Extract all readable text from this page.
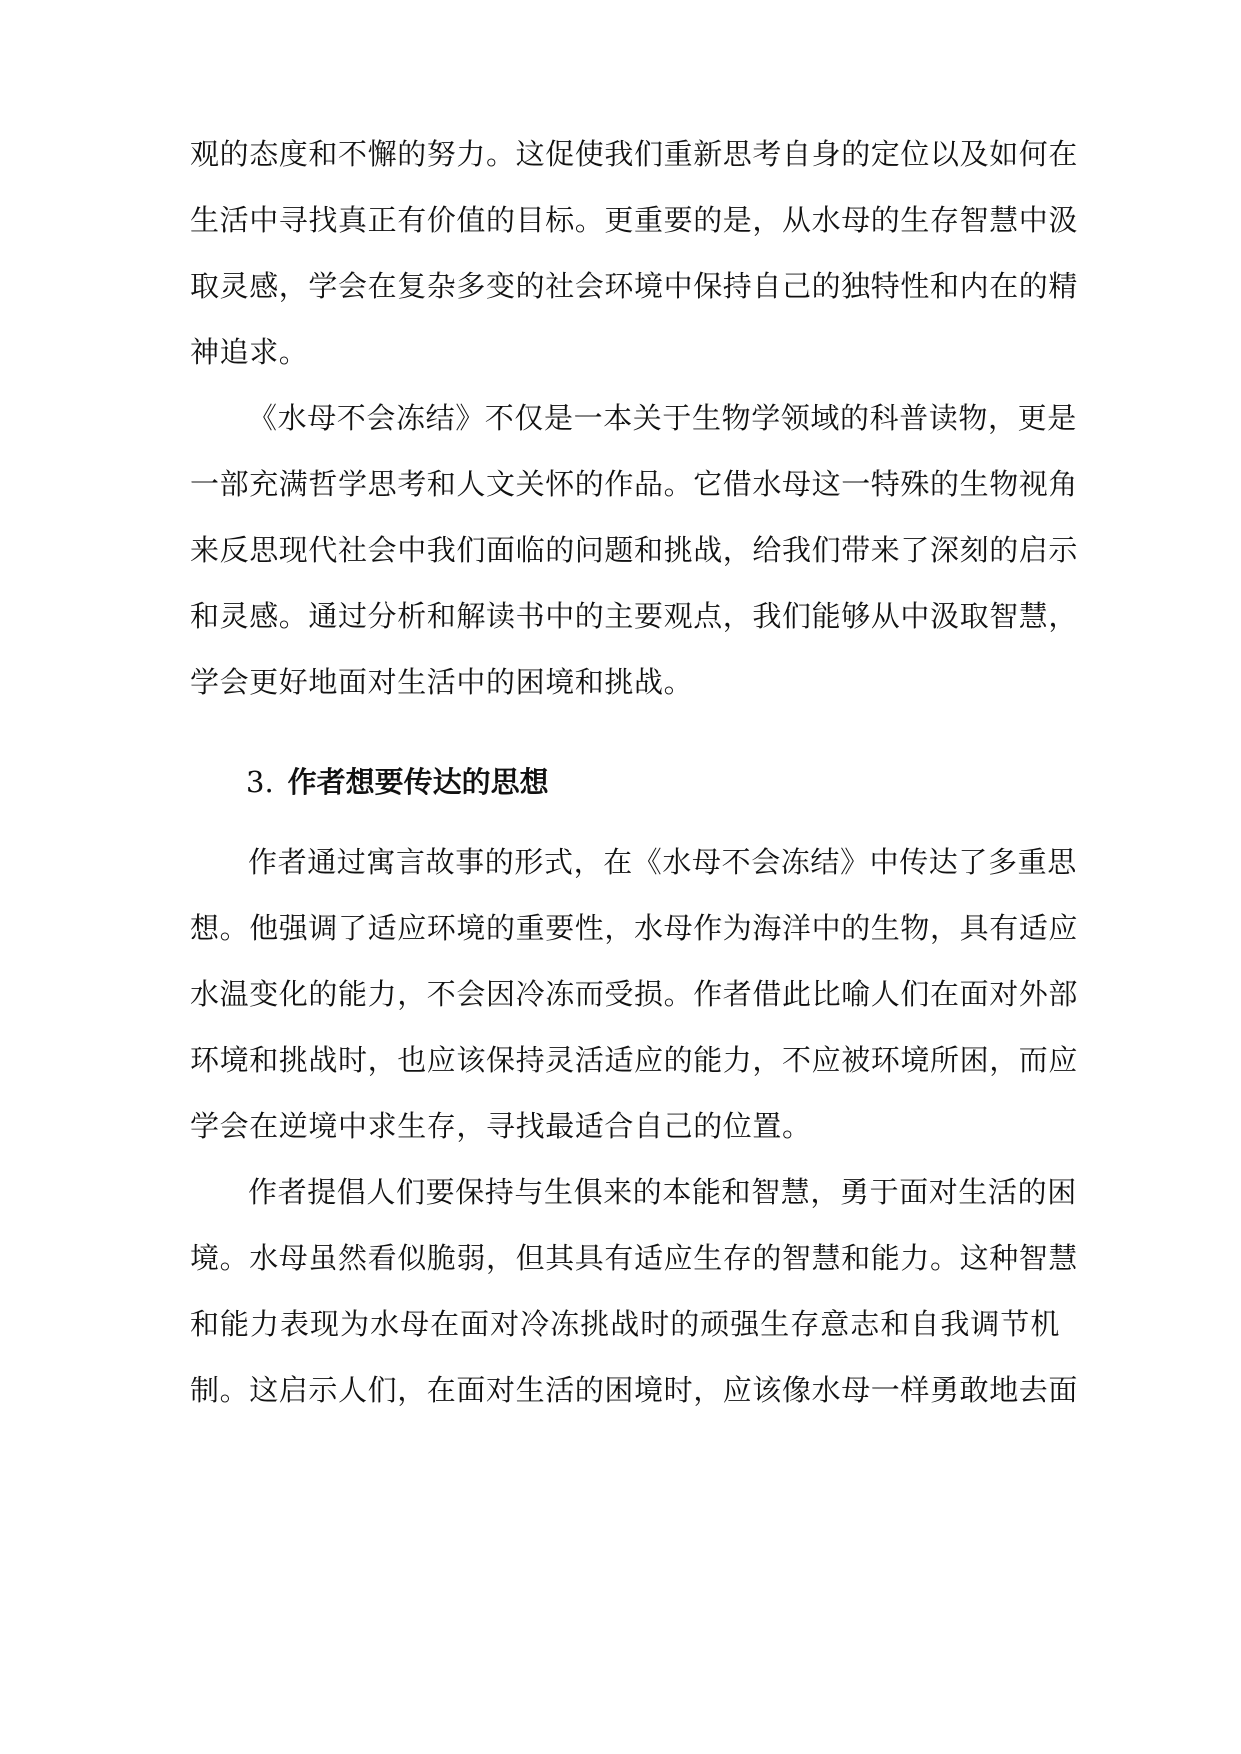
观的态度和不懈的努力。这促使我们重新思考自身的定位以及如何在
生活中寻找真正有价值的目标。更重要的是，从水母的生存智慧中汲
取灵感，学会在复杂多变的社会环境中保持自己的独特性和内在的精
神追求。
《水母不会冻结》不仅是一本关于生物学领域的科普读物，更是
一部充满哲学思考和人文关怀的作品。它借水母这一特殊的生物视角
来反思现代社会中我们面临的问题和挑战，给我们带来了深刻的启示
和灵感。通过分析和解读书中的主要观点，我们能够从中汲取智慧，
学会更好地面对生活中的困境和挑战。
3. 作者想要传达的思想
作者通过寓言故事的形式，在《水母不会冻结》中传达了多重思
想。他强调了适应环境的重要性，水母作为海洋中的生物，具有适应
水温变化的能力，不会因冷冻而受损。作者借此比喻人们在面对外部
环境和挑战时，也应该保持灵活适应的能力，不应被环境所困，而应
学会在逆境中求生存，寻找最适合自己的位置。
作者提倡人们要保持与生俱来的本能和智慧，勇于面对生活的困
境。水母虽然看似脆弱，但其具有适应生存的智慧和能力。这种智慧
和能力表现为水母在面对冷冻挑战时的顽强生存意志和自我调节机
制。这启示人们，在面对生活的困境时，应该像水母一样勇敢地去面
